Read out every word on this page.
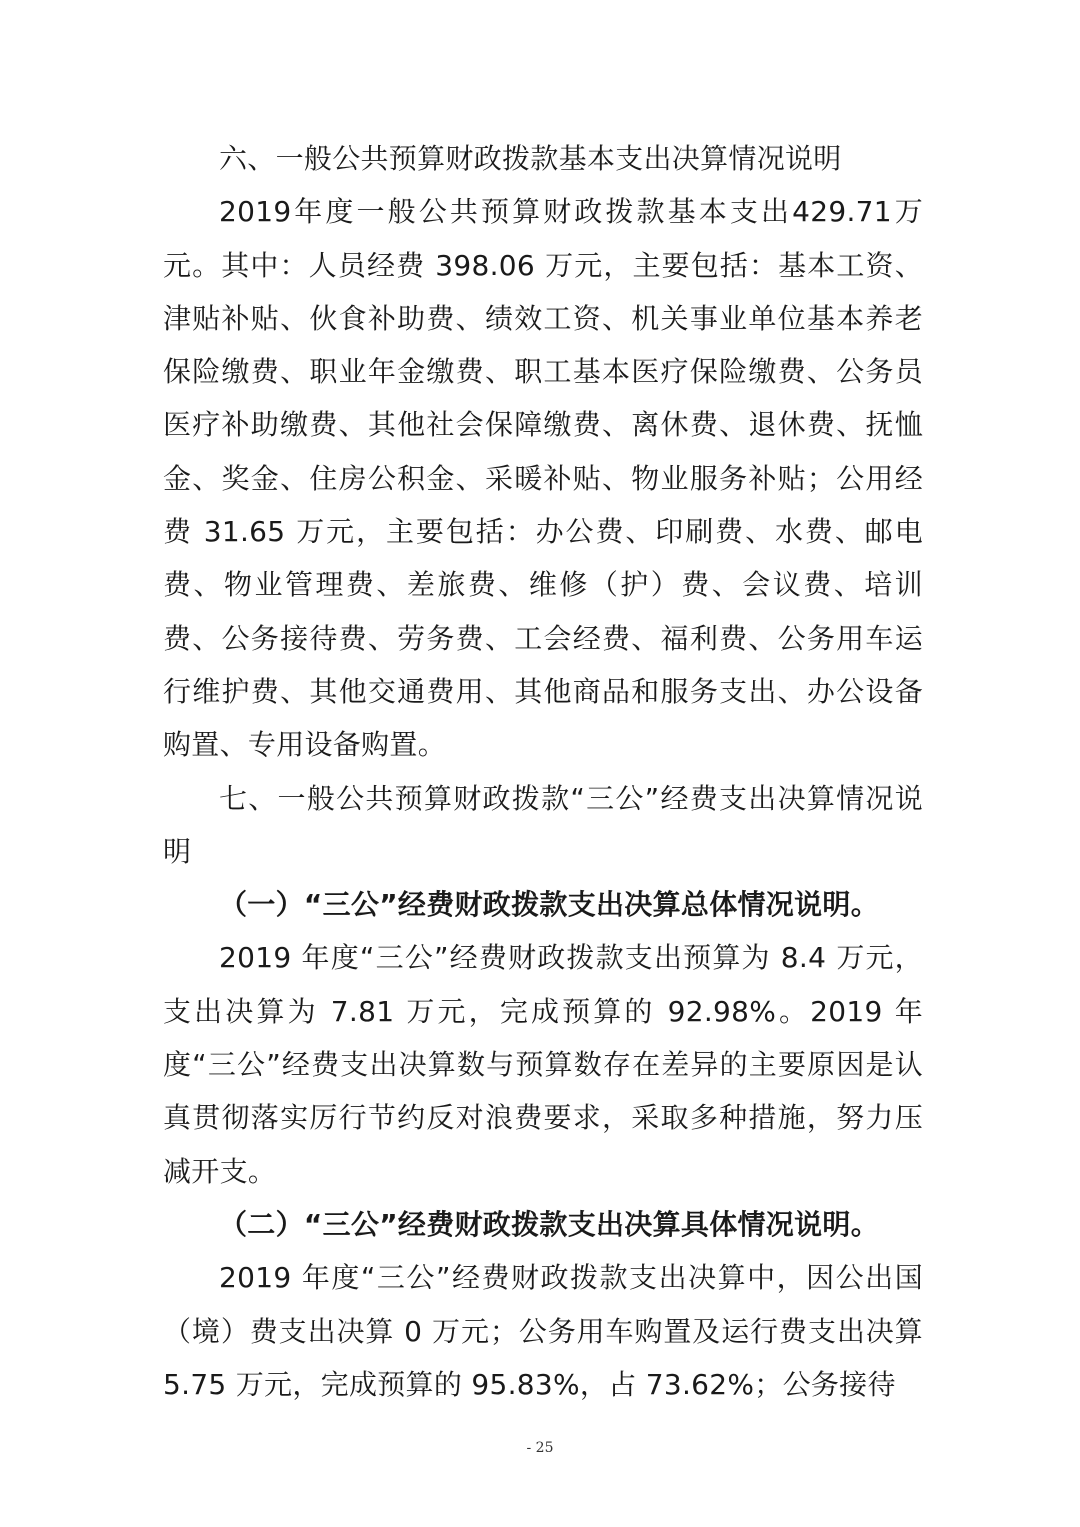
六、一般公共预算财政拨款基本支出决算情况说明

2019年度一般公共预算财政拨款基本支出429.71万元。其中：人员经费 398.06 万元，主要包括：基本工资、津贴补贴、伙食补助费、绩效工资、机关事业单位基本养老保险缴费、职业年金缴费、职工基本医疗保险缴费、公务员医疗补助缴费、其他社会保障缴费、离休费、退休费、抚恤金、奖金、住房公积金、采暖补贴、物业服务补贴；公用经费 31.65 万元，主要包括：办公费、印刷费、水费、邮电费、物业管理费、差旅费、维修（护）费、会议费、培训费、公务接待费、劳务费、工会经费、福利费、公务用车运行维护费、其他交通费用、其他商品和服务支出、办公设备购置、专用设备购置。

七、一般公共预算财政拨款“三公”经费支出决算情况说明

（一）“三公”经费财政拨款支出决算总体情况说明。

2019 年度“三公”经费财政拨款支出预算为 8.4 万元，支出决算为 7.81 万元，完成预算的 92.98%。2019 年度“三公”经费支出决算数与预算数存在差异的主要原因是认真贯彻落实厉行节约反对浪费要求，采取多种措施，努力压减开支。

（二）“三公”经费财政拨款支出决算具体情况说明。

2019 年度“三公”经费财政拨款支出决算中，因公出国（境）费支出决算 0 万元；公务用车购置及运行费支出决算 5.75 万元，完成预算的 95.83%，占 73.62%；公务接待

- 25
